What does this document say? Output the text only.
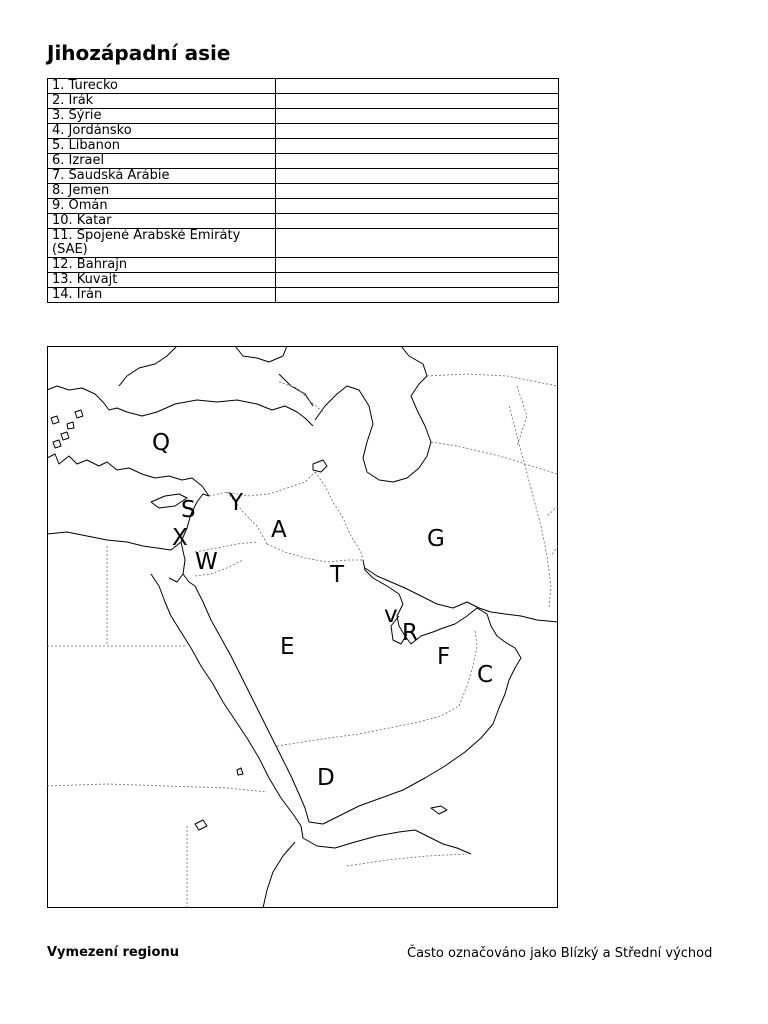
Jihozápadní asie
1. Turecko	
2. Irák	
3. Sýrie	
4. Jordánsko	
5. Libanon	
6. Izrael	
7. Saudská Arábie	
8. Jemen	
9. Omán	
10. Katar	
11. Spojené Arabské Emiráty (SAE)	
12. Bahrajn	
13. Kuvajt	
14. Irán	
Q
S Y
X	A
W
G
T
v
R
E	F
C
D
Vymezení regionu	Často označováno jako Blízký a Střední východ
